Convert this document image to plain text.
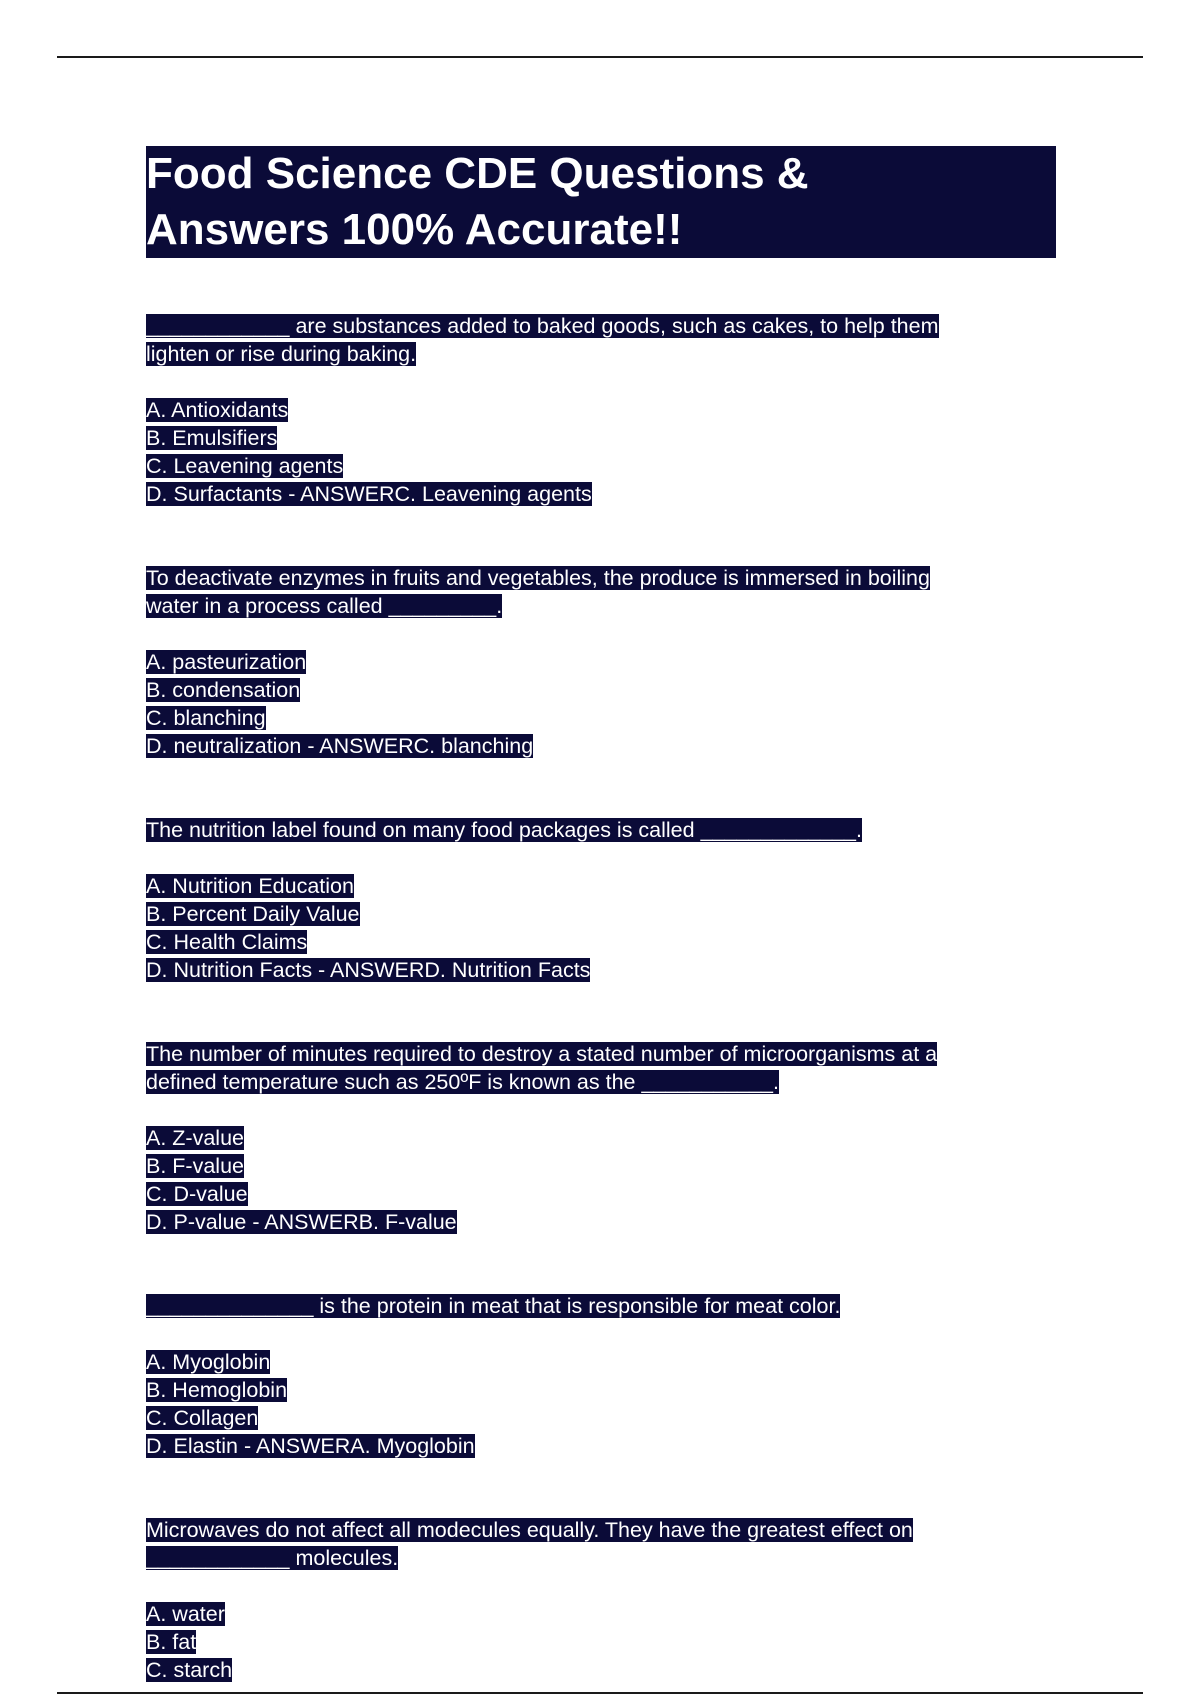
Food Science CDE Questions &
Answers 100% Accurate!!
____________ are substances added to baked goods, such as cakes, to help them
lighten or rise during baking.
A. Antioxidants
B. Emulsifiers
C. Leavening agents
D. Surfactants - ANSWERC. Leavening agents
To deactivate enzymes in fruits and vegetables, the produce is immersed in boiling
water in a process called _________.
A. pasteurization
B. condensation
C. blanching
D. neutralization - ANSWERC. blanching
The nutrition label found on many food packages is called _____________.
A. Nutrition Education
B. Percent Daily Value
C. Health Claims
D. Nutrition Facts - ANSWERD. Nutrition Facts
The number of minutes required to destroy a stated number of microorganisms at a
defined temperature such as 250ºF is known as the ___________.
A. Z-value
B. F-value
C. D-value
D. P-value - ANSWERB. F-value
______________ is the protein in meat that is responsible for meat color.
A. Myoglobin
B. Hemoglobin
C. Collagen
D. Elastin - ANSWERA. Myoglobin
Microwaves do not affect all modecules equally. They have the greatest effect on
____________ molecules.
A. water
B. fat
C. starch
